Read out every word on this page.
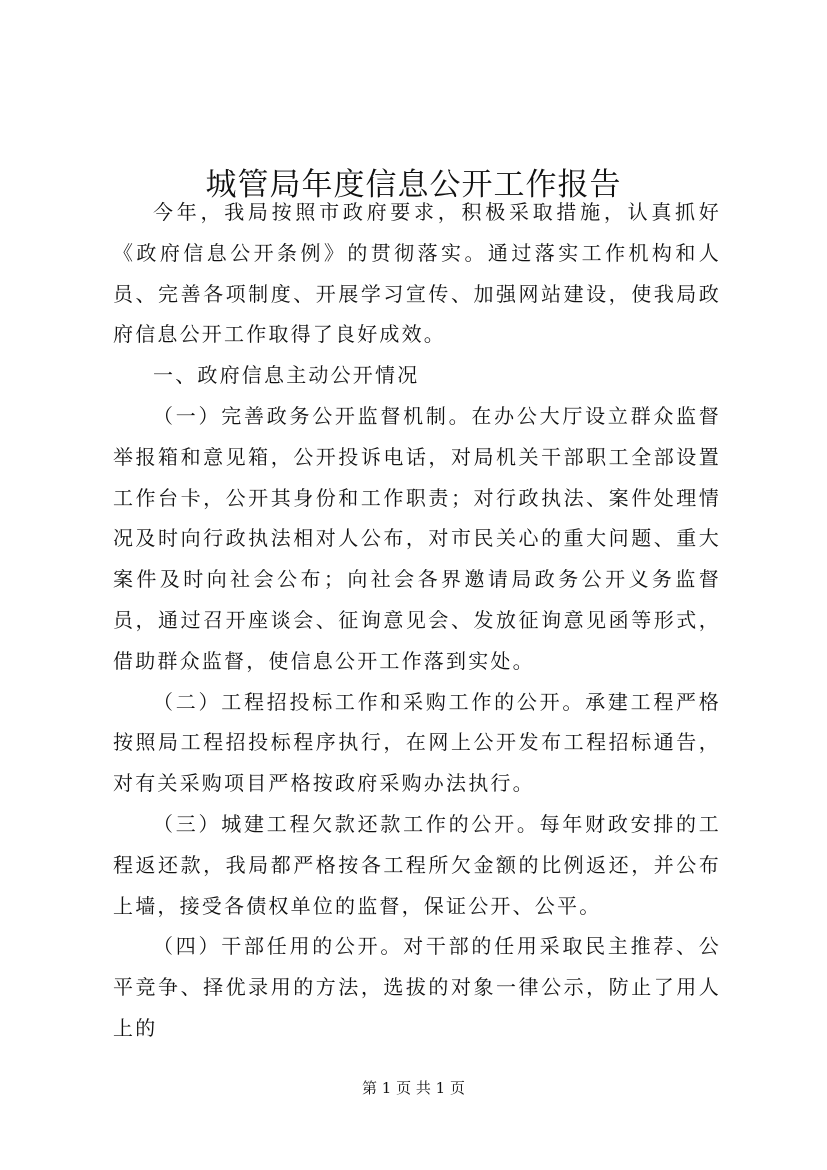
城管局年度信息公开工作报告

今年，我局按照市政府要求，积极采取措施，认真抓好《政府信息公开条例》的贯彻落实。通过落实工作机构和人员、完善各项制度、开展学习宣传、加强网站建设，使我局政府信息公开工作取得了良好成效。

一、政府信息主动公开情况

（一）完善政务公开监督机制。在办公大厅设立群众监督举报箱和意见箱，公开投诉电话，对局机关干部职工全部设置工作台卡，公开其身份和工作职责；对行政执法、案件处理情况及时向行政执法相对人公布，对市民关心的重大问题、重大案件及时向社会公布；向社会各界邀请局政务公开义务监督员，通过召开座谈会、征询意见会、发放征询意见函等形式，借助群众监督，使信息公开工作落到实处。

（二）工程招投标工作和采购工作的公开。承建工程严格按照局工程招投标程序执行，在网上公开发布工程招标通告，对有关采购项目严格按政府采购办法执行。

（三）城建工程欠款还款工作的公开。每年财政安排的工程返还款，我局都严格按各工程所欠金额的比例返还，并公布上墙，接受各债权单位的监督，保证公开、公平。

（四）干部任用的公开。对干部的任用采取民主推荐、公平竞争、择优录用的方法，选拔的对象一律公示，防止了用人上的

第 1 页 共 1 页
